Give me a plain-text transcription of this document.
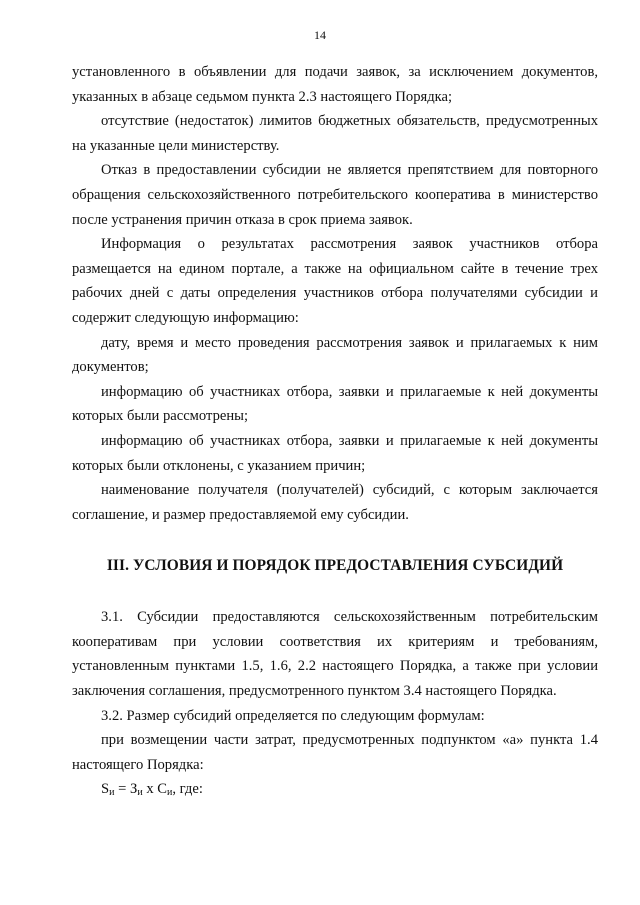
14

установленного в объявлении для подачи заявок, за исключением документов, указанных в абзаце седьмом пункта 2.3 настоящего Порядка;

отсутствие (недостаток) лимитов бюджетных обязательств, предусмотренных на указанные цели министерству.

Отказ в предоставлении субсидии не является препятствием для повторного обращения сельскохозяйственного потребительского кооператива в министерство после устранения причин отказа в срок приема заявок.

Информация о результатах рассмотрения заявок участников отбора размещается на едином портале, а также на официальном сайте в течение трех рабочих дней с даты определения участников отбора получателями субсидии и содержит следующую информацию:

дату, время и место проведения рассмотрения заявок и прилагаемых к ним документов;

информацию об участниках отбора, заявки и прилагаемые к ней документы которых были рассмотрены;

информацию об участниках отбора, заявки и прилагаемые к ней документы которых были отклонены, с указанием причин;

наименование получателя (получателей) субсидий, с которым заключается соглашение, и размер предоставляемой ему субсидии.

III. УСЛОВИЯ И ПОРЯДОК ПРЕДОСТАВЛЕНИЯ СУБСИДИЙ

3.1. Субсидии предоставляются сельскохозяйственным потребительским кооперативам при условии соответствия их критериям и требованиям, установленным пунктами 1.5, 1.6, 2.2 настоящего Порядка, а также при условии заключения соглашения, предусмотренного пунктом 3.4 настоящего Порядка.

3.2. Размер субсидий определяется по следующим формулам:

при возмещении части затрат, предусмотренных подпунктом «а» пункта 1.4 настоящего Порядка:

$S_и = З_и$ х $С_и$, где:
